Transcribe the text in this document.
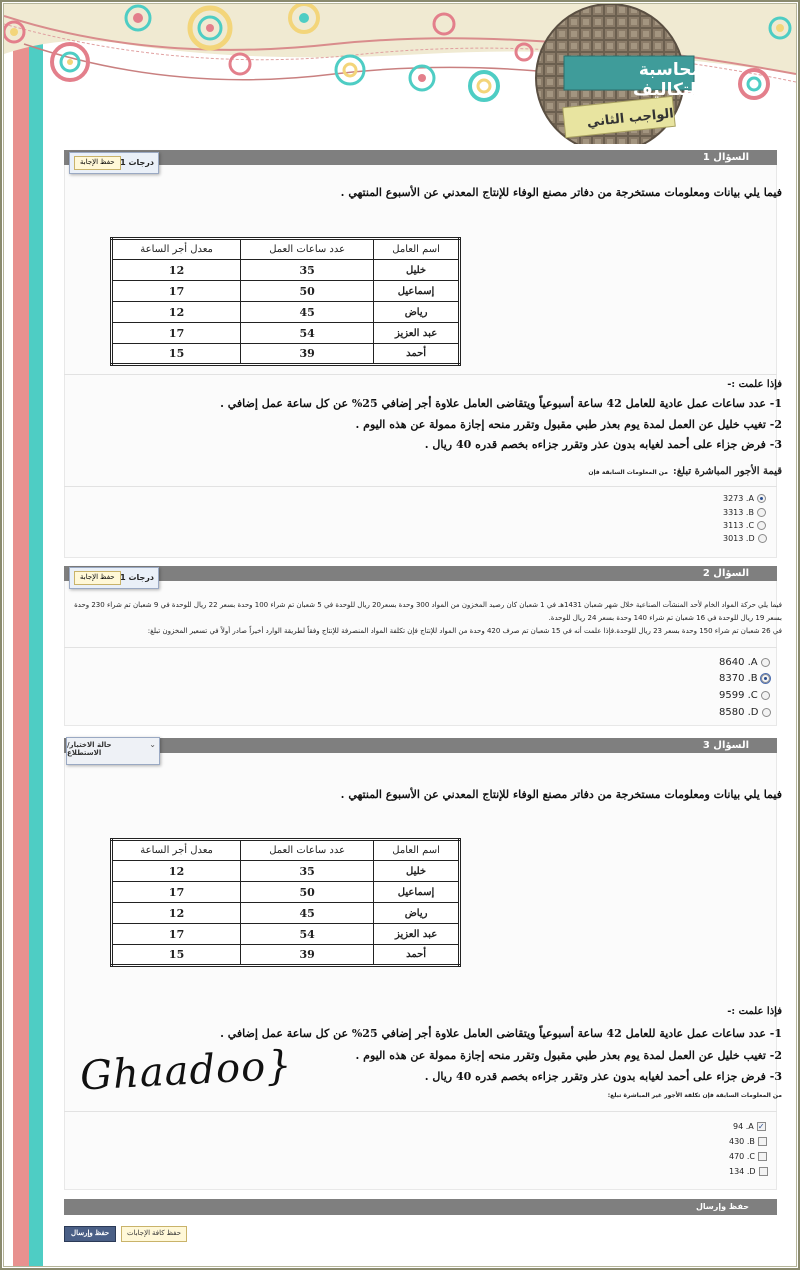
محاسبة التكاليف
الواجب الثاني
السؤال 1
1 درجات
حفظ الإجابة
فيما يلي بيانات ومعلومات مستخرجة من دفاتر مصنع الوفاء للإنتاج المعدني عن الأسبوع المنتهي .
اسم العامل	عدد ساعات العمل	معدل أجر الساعة
خليل	35	12
إسماعيل	50	17
رياض	45	12
عبد العزيز	54	17
أحمد	39	15
فإذا علمت :-
1- عدد ساعات عمل عادية للعامل 42 ساعة أسبوعياً ويتقاضى العامل علاوة أجر إضافي 25% عن كل ساعة عمل إضافي .
2- تغيب خليل عن العمل لمدة يوم بعذر طبي مقبول وتقرر منحه إجازة ممولة عن هذه اليوم .
3- فرض جزاء على أحمد لغيابه بدون عذر وتقرر جزاءه بخصم قدره 40 ريال .
قيمة الأجور المباشرة تبلغ: من المعلومات السابقة فإن
3273 .A
3313 .B
3113 .C
3013 .D
السؤال 2
1 درجات
حفظ الإجابة
فيما يلي حركة المواد الخام لأحد المنشآت الصناعية خلال شهر شعبان 1431هـ في 1 شعبان كان رصيد المخزون من المواد 300 وحدة بسعر20 ريال للوحدة في 5 شعبان تم شراء 100 وحدة بسعر 22 ريال للوحدة في 9 شعبان تم شراء 230 وحدة
بسعر 19 ريال للوحدة في 16 شعبان تم شراء 140 وحدة بسعر 24 ريال للوحدة.
في 26 شعبان تم شراء 150 وحدة بسعر 23 ريال للوحدة.فإذا علمت أنه في 15 شعبان تم صرف 420 وحدة من المواد للإنتاج فإن تكلفة المواد المنصرفة للإنتاج وفقاً لطريقة الوارد أخيراً صادر أولاً في تسعير المخزون تبلغ:
8640 .A
8370 .B
9599 .C
8580 .D
السؤال 3
⌄
حالة الاختبار/الاستطلاع
فيما يلي بيانات ومعلومات مستخرجة من دفاتر مصنع الوفاء للإنتاج المعدني عن الأسبوع المنتهي .
اسم العامل	عدد ساعات العمل	معدل أجر الساعة
خليل	35	12
إسماعيل	50	17
رياض	45	12
عبد العزيز	54	17
أحمد	39	15
فإذا علمت :-
1- عدد ساعات عمل عادية للعامل 42 ساعة أسبوعياً ويتقاضى العامل علاوة أجر إضافي 25% عن كل ساعة عمل إضافي .
2- تغيب خليل عن العمل لمدة يوم بعذر طبي مقبول وتقرر منحه إجازة ممولة عن هذه اليوم .
3- فرض جزاء على أحمد لغيابه بدون عذر وتقرر جزاءه بخصم قدره 40 ريال .
من المعلومات السابقة فإن تكلفة الأجور غير المباشرة تبلغ:
94 .A ✓
430 .B
470 .C
134 .D
Ghaadoo}
حفظ وإرسال
حفظ وإرسال	حفظ كافة الإجابات
